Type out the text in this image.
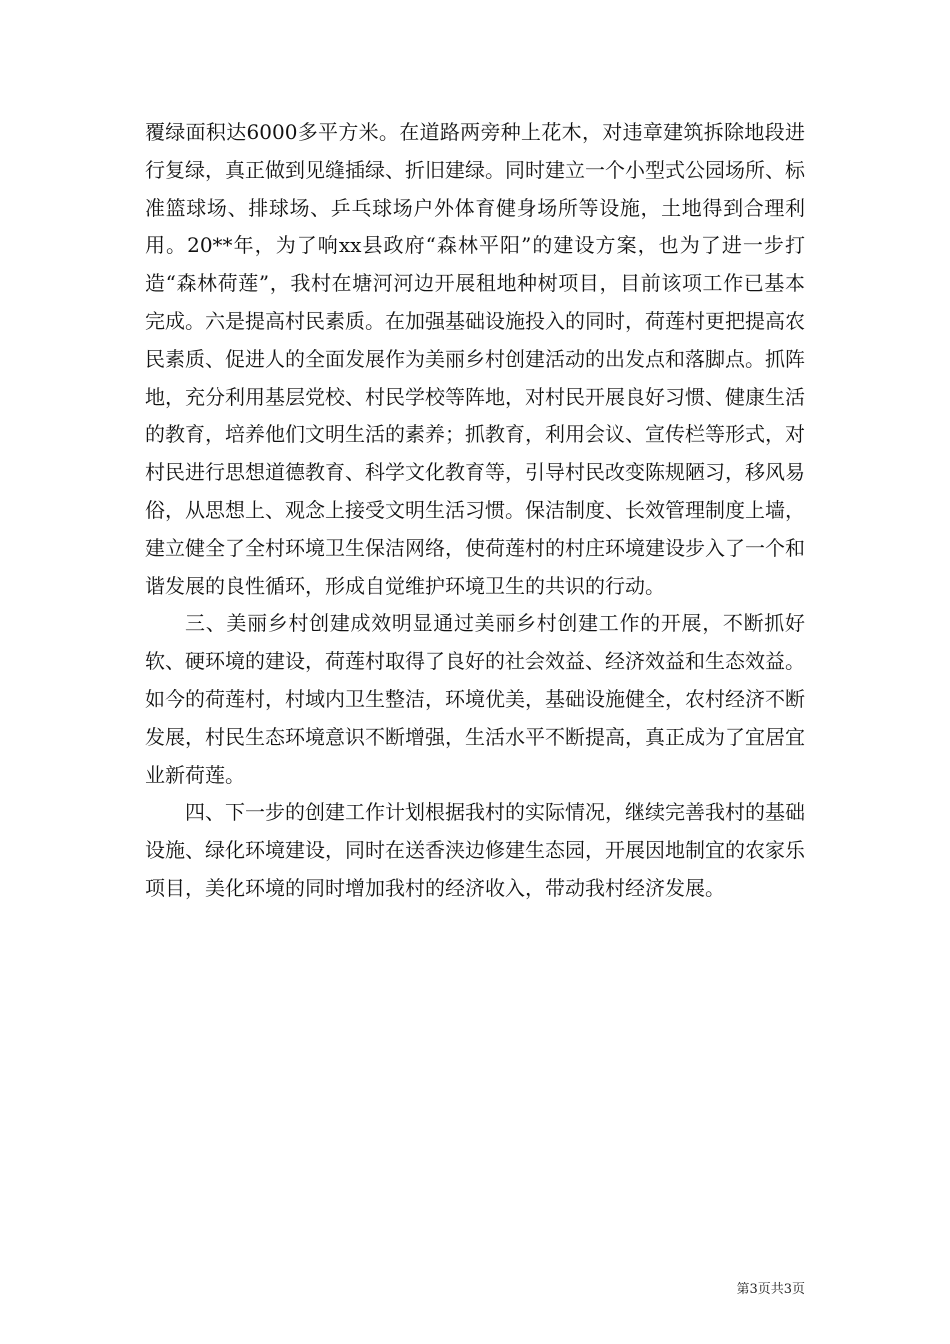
覆绿面积达6000多平方米。在道路两旁种上花木，对违章建筑拆除地段进行复绿，真正做到见缝插绿、折旧建绿。同时建立一个小型式公园场所、标准篮球场、排球场、乒乓球场户外体育健身场所等设施，土地得到合理利用。20**年，为了响xx县政府“森林平阳”的建设方案，也为了进一步打造“森林荷莲”，我村在塘河河边开展租地种树项目，目前该项工作已基本完成。六是提高村民素质。在加强基础设施投入的同时，荷莲村更把提高农民素质、促进人的全面发展作为美丽乡村创建活动的出发点和落脚点。抓阵地，充分利用基层党校、村民学校等阵地，对村民开展良好习惯、健康生活的教育，培养他们文明生活的素养；抓教育，利用会议、宣传栏等形式，对村民进行思想道德教育、科学文化教育等，引导村民改变陈规陋习，移风易俗，从思想上、观念上接受文明生活习惯。保洁制度、长效管理制度上墙，建立健全了全村环境卫生保洁网络，使荷莲村的村庄环境建设步入了一个和谐发展的良性循环，形成自觉维护环境卫生的共识的行动。

三、美丽乡村创建成效明显通过美丽乡村创建工作的开展，不断抓好软、硬环境的建设，荷莲村取得了良好的社会效益、经济效益和生态效益。如今的荷莲村，村域内卫生整洁，环境优美，基础设施健全，农村经济不断发展，村民生态环境意识不断增强，生活水平不断提高，真正成为了宜居宜业新荷莲。

四、下一步的创建工作计划根据我村的实际情况，继续完善我村的基础设施、绿化环境建设，同时在送香浃边修建生态园，开展因地制宜的农家乐项目，美化环境的同时增加我村的经济收入，带动我村经济发展。

第3页共3页
